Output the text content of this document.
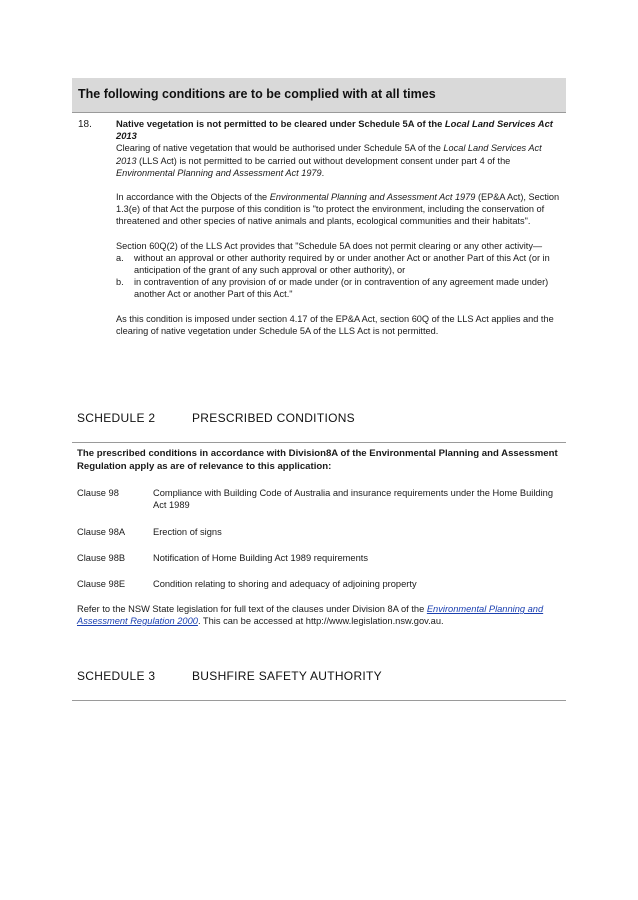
The following conditions are to be complied with at all times
18.	Native vegetation is not permitted to be cleared under Schedule 5A of the Local Land Services Act 2013

Clearing of native vegetation that would be authorised under Schedule 5A of the Local Land Services Act 2013 (LLS Act) is not permitted to be carried out without development consent under part 4 of the Environmental Planning and Assessment Act 1979.

In accordance with the Objects of the Environmental Planning and Assessment Act 1979 (EP&A Act), Section 1.3(e) of that Act the purpose of this condition is "to protect the environment, including the conservation of threatened and other species of native animals and plants, ecological communities and their habitats".

Section 60Q(2) of the LLS Act provides that "Schedule 5A does not permit clearing or any other activity—

a.	without an approval or other authority required by or under another Act or another Part of this Act (or in anticipation of the grant of any such approval or other authority), or
b.	in contravention of any provision of or made under (or in contravention of any agreement made under) another Act or another Part of this Act."

As this condition is imposed under section 4.17 of the EP&A Act, section 60Q of the LLS Act applies and the clearing of native vegetation under Schedule 5A of the LLS Act is not permitted.

SCHEDULE 2	PRESCRIBED CONDITIONS
The prescribed conditions in accordance with Division8A of the Environmental Planning and Assessment Regulation apply as are of relevance to this application:
Clause 98	Compliance with Building Code of Australia and insurance requirements under the Home Building Act 1989
Clause 98A	Erection of signs
Clause 98B	Notification of Home Building Act 1989 requirements
Clause 98E	Condition relating to shoring and adequacy of adjoining property
Refer to the NSW State legislation for full text of the clauses under Division 8A of the Environmental Planning and Assessment Regulation 2000. This can be accessed at http://www.legislation.nsw.gov.au.
SCHEDULE 3	BUSHFIRE SAFETY AUTHORITY
